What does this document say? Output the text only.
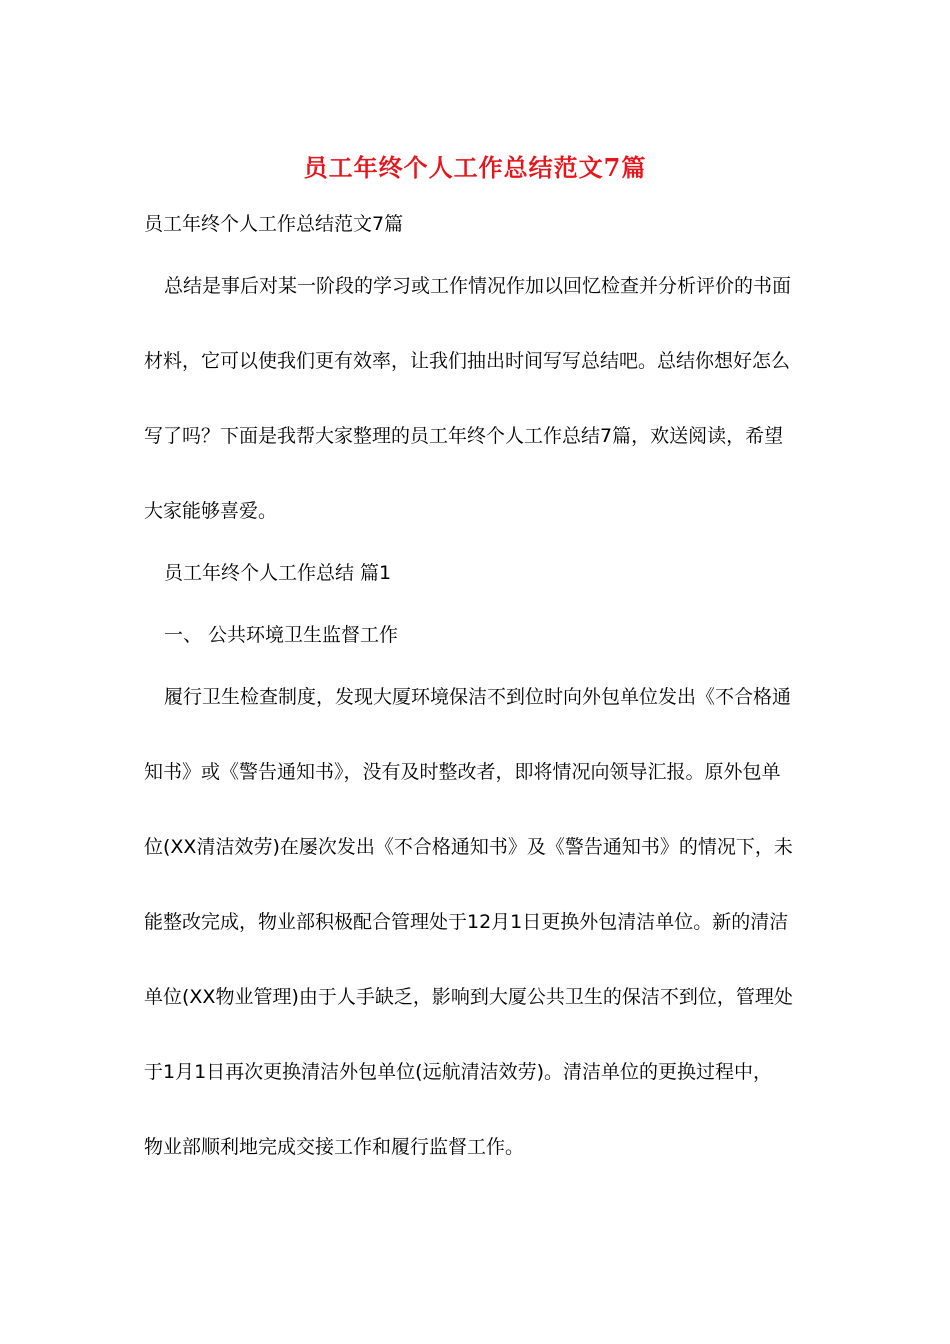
员工年终个人工作总结范文7篇
员工年终个人工作总结范文7篇
总结是事后对某一阶段的学习或工作情况作加以回忆检查并分析评价的书面
材料，它可以使我们更有效率，让我们抽出时间写写总结吧。总结你想好怎么
写了吗？下面是我帮大家整理的员工年终个人工作总结7篇，欢送阅读，希望
大家能够喜爱。
员工年终个人工作总结 篇1
一、 公共环境卫生监督工作
履行卫生检查制度，发现大厦环境保洁不到位时向外包单位发出《不合格通
知书》或《警告通知书》，没有及时整改者，即将情况向领导汇报。原外包单
位(XX清洁效劳)在屡次发出《不合格通知书》及《警告通知书》的情况下，未
能整改完成，物业部积极配合管理处于12月1日更换外包清洁单位。新的清洁
单位(XX物业管理)由于人手缺乏，影响到大厦公共卫生的保洁不到位，管理处
于1月1日再次更换清洁外包单位(远航清洁效劳)。清洁单位的更换过程中，
物业部顺利地完成交接工作和履行监督工作。
